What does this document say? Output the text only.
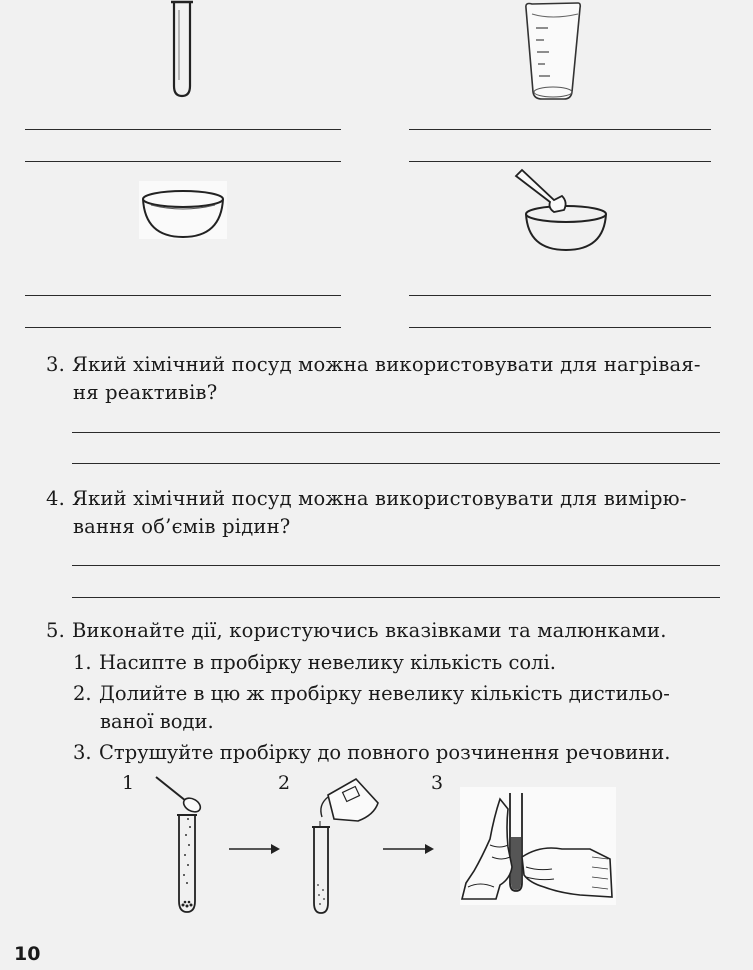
3. Який хімічний посуд можна використовувати для нагрівая-
ня реактивів?
4. Який хімічний посуд можна використовувати для вимірю-
вання об’ємів рідин?
5. Виконайте дії, користуючись вказівками та малюнками.
1. Насипте в пробірку невелику кількість солі.
2. Долийте в цю ж пробірку невелику кількість дистильо-
ваної води.
3. Струшуйте пробірку до повного розчинення речовини.
1	2	3
10
